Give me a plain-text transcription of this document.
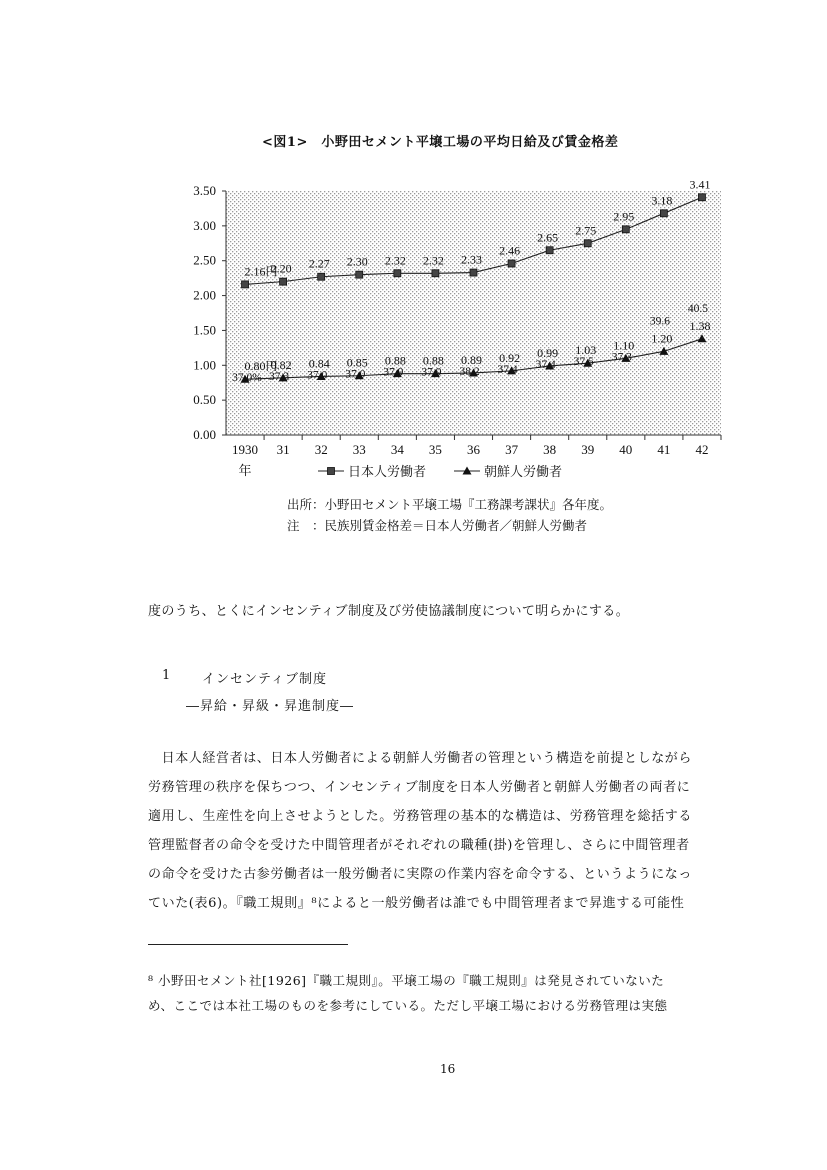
<図1>　小野田セメント平壌工場の平均日給及び賃金格差
0.00
0.50
1.00
1.50
2.00
2.50
3.00
3.50
1930 31 32 33 34 35 36 37 38 39 40 41 42
年
2.16円
2.20 2.27 2.30 2.32 2.32 2.33
2.46
2.65 2.75
2.95
3.18
3.41
0.80円
0.82 0.84 0.85 0.88 0.88 0.89 0.92 0.99 1.03 1.10 1.20
1.38
37.0% 37.3 37.0 37.0 37.9 37.9 38.2 37.4 37.4 37.5 37.3
39.6
40.5
日本人労働者	朝鮮人労働者
出所：小野田セメント平壌工場『工務課考課状』各年度。
注　：民族別賃金格差＝日本人労働者／朝鮮人労働者
度のうち、とくにインセンティブ制度及び労使協議制度について明らかにする。
1 インセンティブ制度
―昇給・昇級・昇進制度―
　日本人経営者は、日本人労働者による朝鮮人労働者の管理という構造を前提としながら
労務管理の秩序を保ちつつ、インセンティブ制度を日本人労働者と朝鮮人労働者の両者に
適用し、生産性を向上させようとした。労務管理の基本的な構造は、労務管理を総括する
管理監督者の命令を受けた中間管理者がそれぞれの職種(掛)を管理し、さらに中間管理者
の命令を受けた古参労働者は一般労働者に実際の作業内容を命令する、というようになっ
ていた(表6)。『職工規則』⁸によると一般労働者は誰でも中間管理者まで昇進する可能性
⁸ 小野田セメント社[1926]『職工規則』。平壌工場の『職工規則』は発見されていないた
め、ここでは本社工場のものを参考にしている。ただし平壌工場における労務管理は実態
16
